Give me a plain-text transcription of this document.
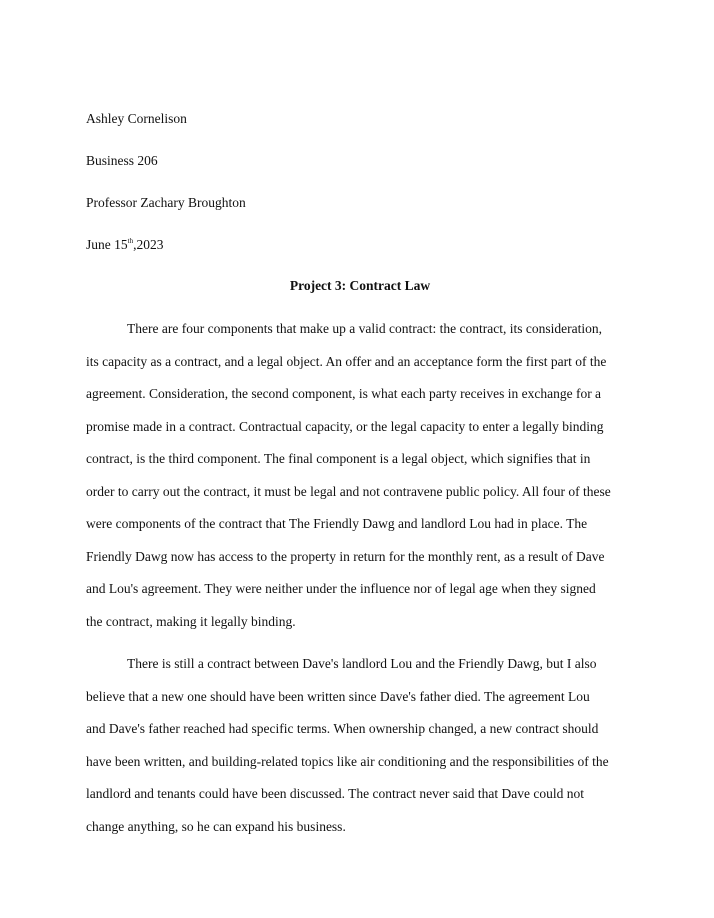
Ashley Cornelison
Business 206
Professor Zachary Broughton
June 15th,2023
Project 3: Contract Law
There are four components that make up a valid contract: the contract, its consideration,
its capacity as a contract, and a legal object. An offer and an acceptance form the first part of the
agreement. Consideration, the second component, is what each party receives in exchange for a
promise made in a contract. Contractual capacity, or the legal capacity to enter a legally binding
contract, is the third component. The final component is a legal object, which signifies that in
order to carry out the contract, it must be legal and not contravene public policy. All four of these
were components of the contract that The Friendly Dawg and landlord Lou had in place. The
Friendly Dawg now has access to the property in return for the monthly rent, as a result of Dave
and Lou's agreement. They were neither under the influence nor of legal age when they signed
the contract, making it legally binding.
There is still a contract between Dave's landlord Lou and the Friendly Dawg, but I also
believe that a new one should have been written since Dave's father died. The agreement Lou
and Dave's father reached had specific terms. When ownership changed, a new contract should
have been written, and building-related topics like air conditioning and the responsibilities of the
landlord and tenants could have been discussed. The contract never said that Dave could not
change anything, so he can expand his business.
